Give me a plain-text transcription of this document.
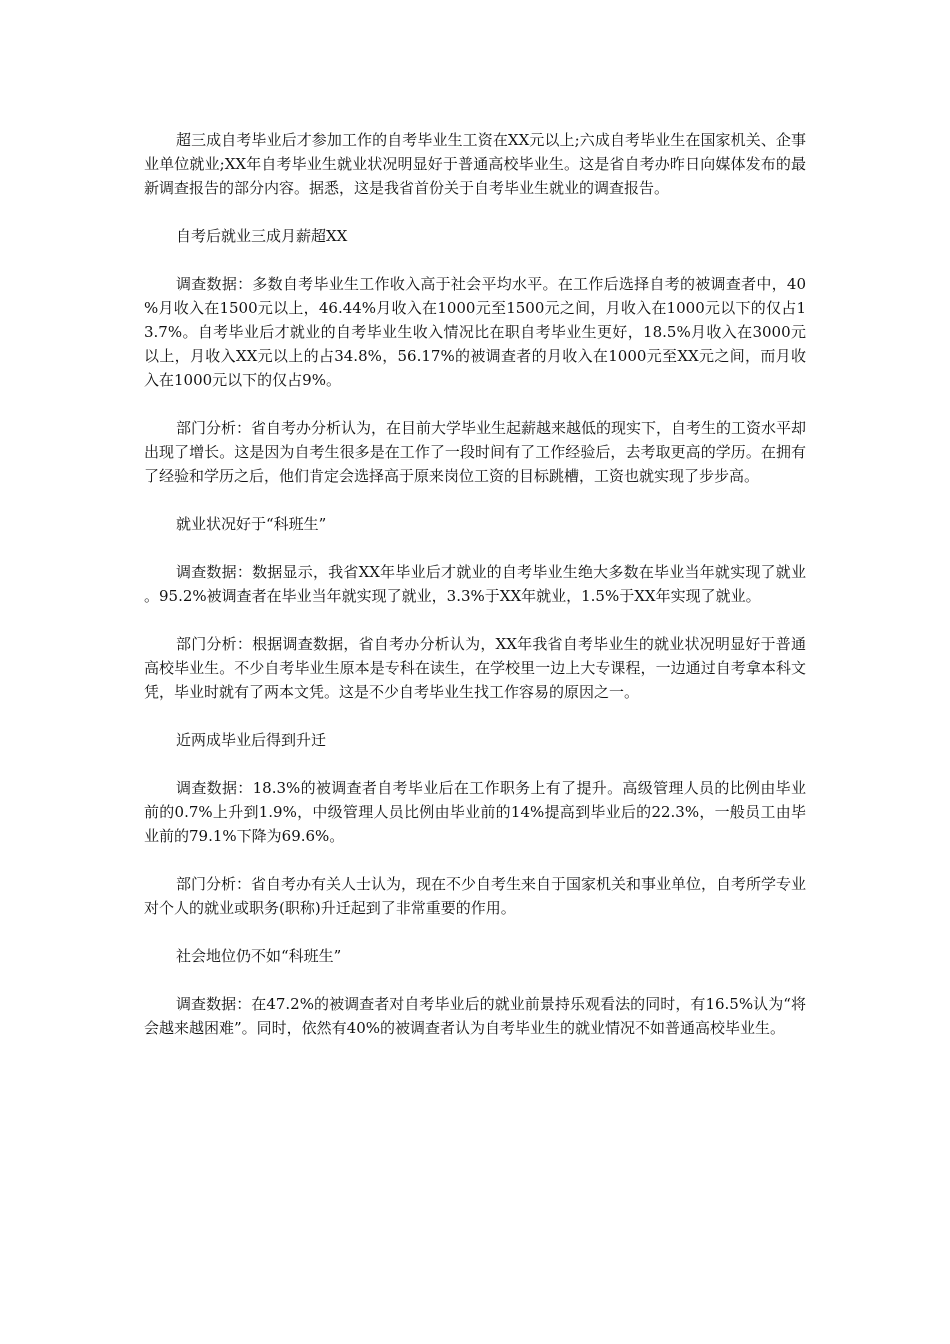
超三成自考毕业后才参加工作的自考毕业生工资在XX元以上;六成自考毕业生在国家机关、企事业单位就业;XX年自考毕业生就业状况明显好于普通高校毕业生。这是省自考办昨日向媒体发布的最新调查报告的部分内容。据悉，这是我省首份关于自考毕业生就业的调查报告。

自考后就业三成月薪超XX

调查数据：多数自考毕业生工作收入高于社会平均水平。在工作后选择自考的被调查者中，40%月收入在1500元以上，46.44%月收入在1000元至1500元之间，月收入在1000元以下的仅占13.7%。自考毕业后才就业的自考毕业生收入情况比在职自考毕业生更好，18.5%月收入在3000元以上，月收入XX元以上的占34.8%，56.17%的被调查者的月收入在1000元至XX元之间，而月收入在1000元以下的仅占9%。

部门分析：省自考办分析认为，在目前大学毕业生起薪越来越低的现实下，自考生的工资水平却出现了增长。这是因为自考生很多是在工作了一段时间有了工作经验后，去考取更高的学历。在拥有了经验和学历之后，他们肯定会选择高于原来岗位工资的目标跳槽，工资也就实现了步步高。

就业状况好于“科班生”

调查数据：数据显示，我省XX年毕业后才就业的自考毕业生绝大多数在毕业当年就实现了就业。95.2%被调查者在毕业当年就实现了就业，3.3%于XX年就业，1.5%于XX年实现了就业。

部门分析：根据调查数据，省自考办分析认为，XX年我省自考毕业生的就业状况明显好于普通高校毕业生。不少自考毕业生原本是专科在读生，在学校里一边上大专课程，一边通过自考拿本科文凭，毕业时就有了两本文凭。这是不少自考毕业生找工作容易的原因之一。

近两成毕业后得到升迁

调查数据：18.3%的被调查者自考毕业后在工作职务上有了提升。高级管理人员的比例由毕业前的0.7%上升到1.9%，中级管理人员比例由毕业前的14%提高到毕业后的22.3%，一般员工由毕业前的79.1%下降为69.6%。

部门分析：省自考办有关人士认为，现在不少自考生来自于国家机关和事业单位，自考所学专业对个人的就业或职务(职称)升迁起到了非常重要的作用。

社会地位仍不如“科班生”

调查数据：在47.2%的被调查者对自考毕业后的就业前景持乐观看法的同时，有16.5%认为“将会越来越困难”。同时，依然有40%的被调查者认为自考毕业生的就业情况不如普通高校毕业生。
